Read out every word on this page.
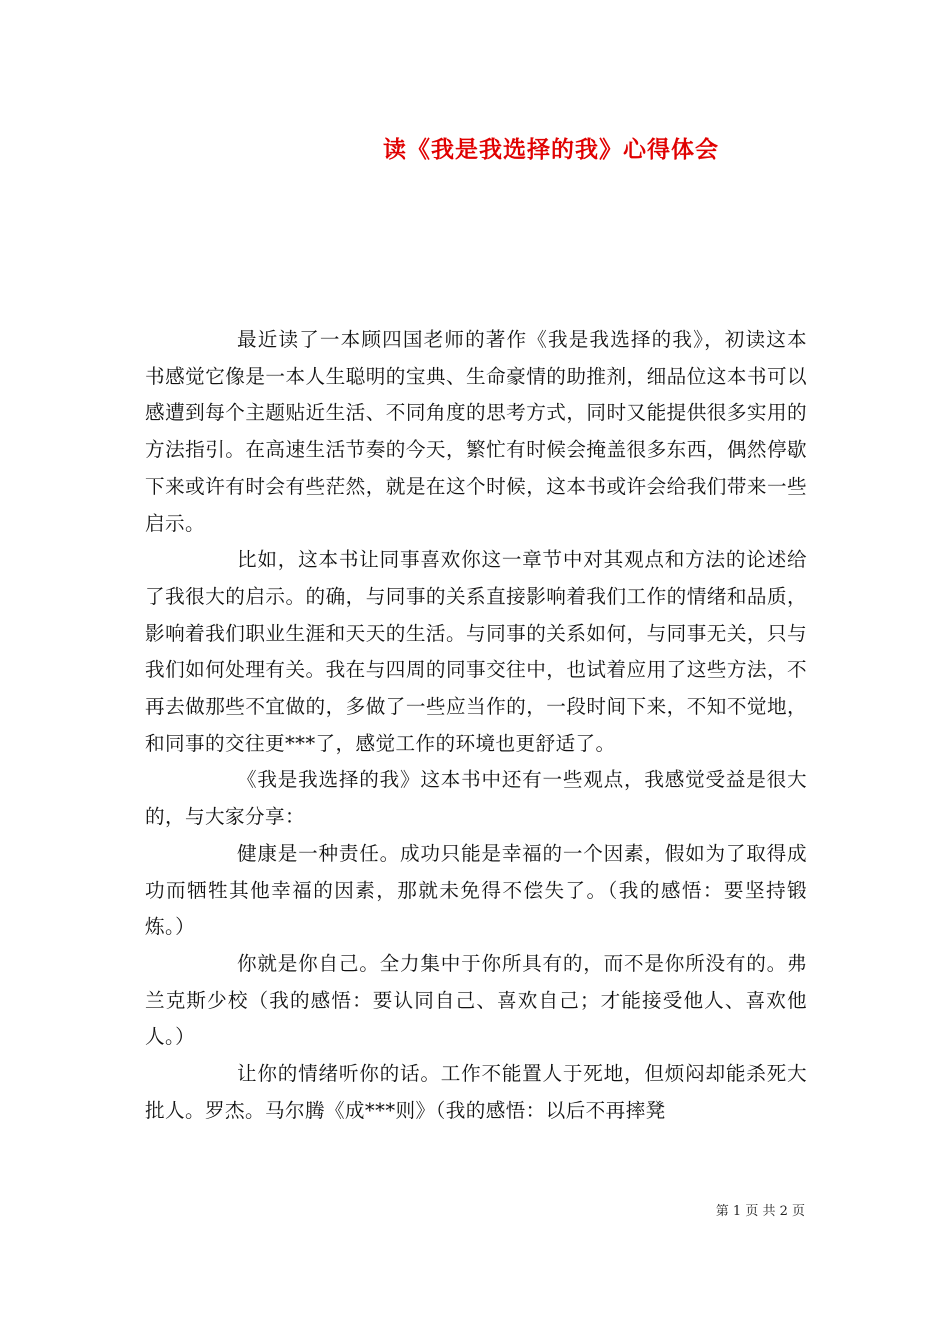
读《我是我选择的我》心得体会

最近读了一本顾四国老师的著作《我是我选择的我》，初读这本书感觉它像是一本人生聪明的宝典、生命豪情的助推剂，细品位这本书可以感遭到每个主题贴近生活、不同角度的思考方式，同时又能提供很多实用的方法指引。在高速生活节奏的今天，繁忙有时候会掩盖很多东西，偶然停歇下来或许有时会有些茫然，就是在这个时候，这本书或许会给我们带来一些启示。

比如，这本书让同事喜欢你这一章节中对其观点和方法的论述给了我很大的启示。的确，与同事的关系直接影响着我们工作的情绪和品质，影响着我们职业生涯和天天的生活。与同事的关系如何，与同事无关，只与我们如何处理有关。我在与四周的同事交往中，也试着应用了这些方法，不再去做那些不宜做的，多做了一些应当作的，一段时间下来，不知不觉地，和同事的交往更***了，感觉工作的环境也更舒适了。

《我是我选择的我》这本书中还有一些观点，我感觉受益是很大的，与大家分享：

健康是一种责任。成功只能是幸福的一个因素，假如为了取得成功而牺牲其他幸福的因素，那就未免得不偿失了。（我的感悟：要坚持锻炼。）

你就是你自己。全力集中于你所具有的，而不是你所没有的。弗兰克斯少校（我的感悟：要认同自己、喜欢自己；才能接受他人、喜欢他人。）

让你的情绪听你的话。工作不能置人于死地，但烦闷却能杀死大批人。罗杰。马尔腾《成***则》（我的感悟：以后不再摔凳

第 1 页 共 2 页
